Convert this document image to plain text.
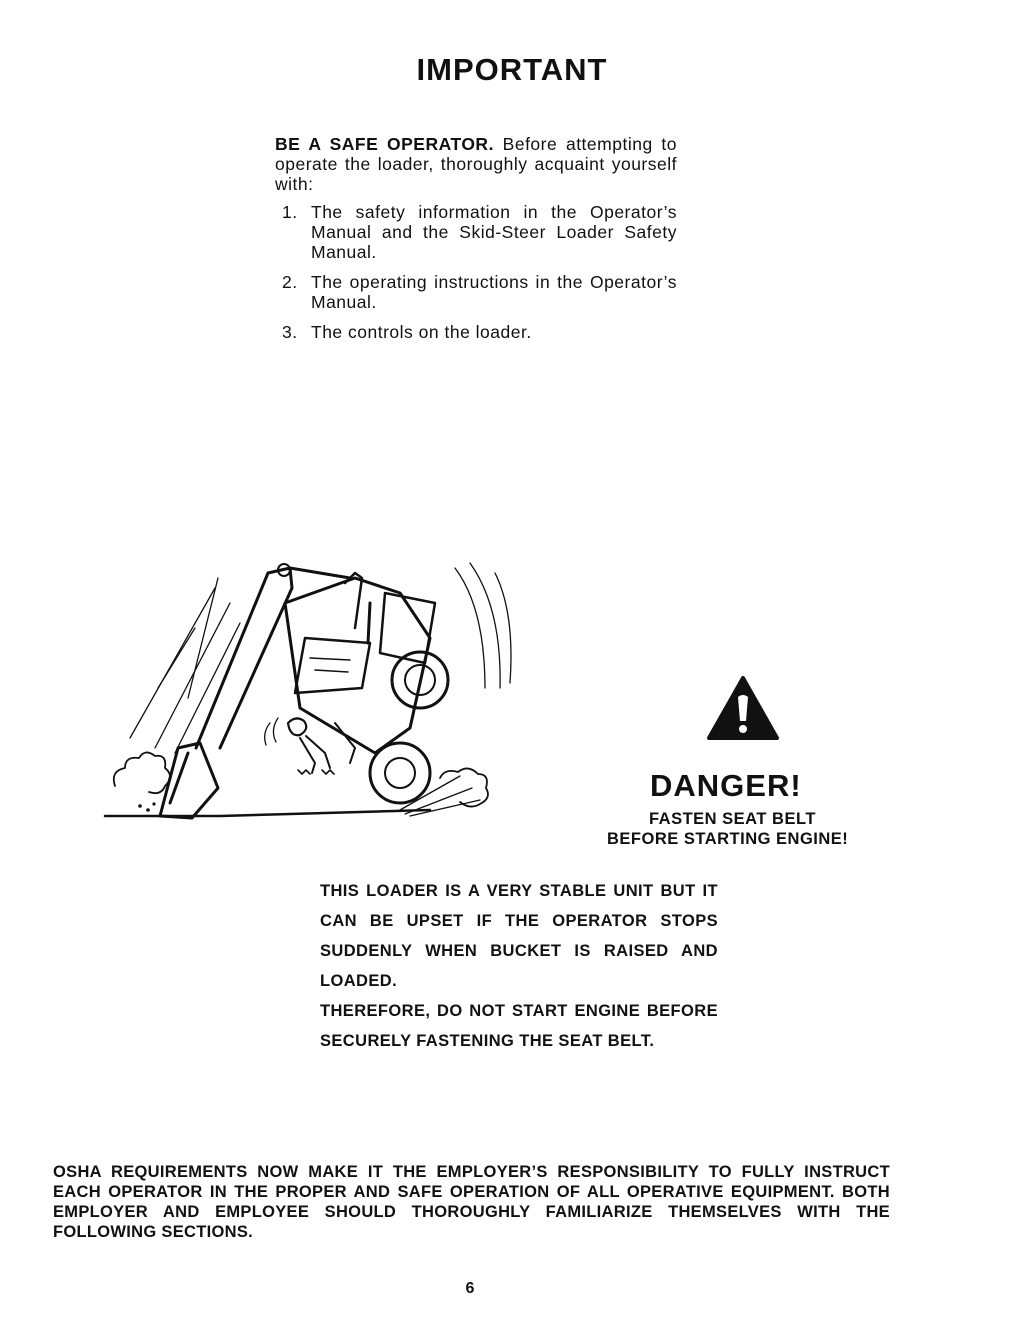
IMPORTANT
BE A SAFE OPERATOR. Before attempting to operate the loader, thoroughly acquaint yourself with:
1. The safety information in the Operator’s Manual and the Skid-Steer Loader Safety Manual.
2. The operating instructions in the Operator’s Manual.
3. The controls on the loader.
DANGER!
FASTEN SEAT BELT
BEFORE STARTING ENGINE!

THIS LOADER IS A VERY STABLE UNIT BUT IT CAN BE UPSET IF THE OPERATOR STOPS SUDDENLY WHEN BUCKET IS RAISED AND LOADED.

THEREFORE, DO NOT START ENGINE BEFORE SECURELY FASTENING THE SEAT BELT.

OSHA REQUIREMENTS NOW MAKE IT THE EMPLOYER’S RESPONSIBILITY TO FULLY INSTRUCT EACH OPERATOR IN THE PROPER AND SAFE OPERATION OF ALL OPERATIVE EQUIPMENT. BOTH EMPLOYER AND EMPLOYEE SHOULD THOROUGHLY FAMILIARIZE THEMSELVES WITH THE FOLLOWING SECTIONS.
6
